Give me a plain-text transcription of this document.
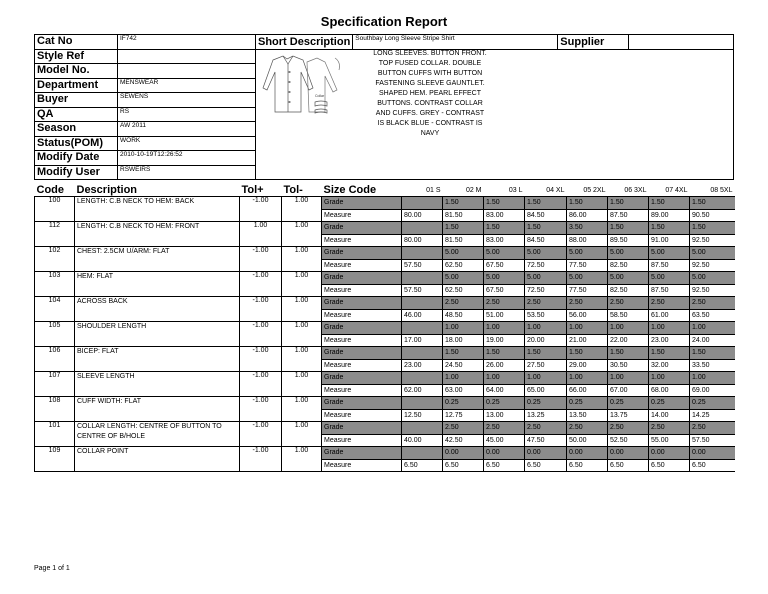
Specification Report
Cat No	IF742	Short Description	Southbay Long Sleeve Stripe Shirt	Supplier	
Style Ref					
Model No.					
Department	MENSWEAR				
Buyer	SEWENS				
QA	RS				
Season	AW 2011				
Status(POM)	WORK				
Modify Date	2010-10-19T12:26:52				
Modify User	RSWEIRS				
Collar
LONG SLEEVES. BUTTON FRONT. TOP FUSED COLLAR. DOUBLE BUTTON CUFFS WITH BUTTON FASTENING SLEEVE GAUNTLET. SHAPED HEM. PEARL EFFECT BUTTONS. CONTRAST COLLAR AND CUFFS. GREY - CONTRAST IS BLACK BLUE - CONTRAST IS NAVY
Code	Description	Tol+	Tol-	Size Code	01 S	02 M	03 L	04 XL	05 2XL	06 3XL	07 4XL	08 5XL
100	LENGTH: C.B NECK TO HEM: BACK	-1.00	1.00	Grade		1.50	1.50	1.50	1.50	1.50	1.50	1.50
				Measure	80.00	81.50	83.00	84.50	86.00	87.50	89.00	90.50
112	LENGTH: C.B NECK TO HEM: FRONT	1.00	1.00	Grade		1.50	1.50	1.50	3.50	1.50	1.50	1.50
				Measure	80.00	81.50	83.00	84.50	88.00	89.50	91.00	92.50
102	CHEST: 2.5CM U/ARM: FLAT	-1.00	1.00	Grade		5.00	5.00	5.00	5.00	5.00	5.00	5.00
				Measure	57.50	62.50	67.50	72.50	77.50	82.50	87.50	92.50
103	HEM: FLAT	-1.00	1.00	Grade		5.00	5.00	5.00	5.00	5.00	5.00	5.00
				Measure	57.50	62.50	67.50	72.50	77.50	82.50	87.50	92.50
104	ACROSS BACK	-1.00	1.00	Grade		2.50	2.50	2.50	2.50	2.50	2.50	2.50
				Measure	46.00	48.50	51.00	53.50	56.00	58.50	61.00	63.50
105	SHOULDER LENGTH	-1.00	1.00	Grade		1.00	1.00	1.00	1.00	1.00	1.00	1.00
				Measure	17.00	18.00	19.00	20.00	21.00	22.00	23.00	24.00
106	BICEP: FLAT	-1.00	1.00	Grade		1.50	1.50	1.50	1.50	1.50	1.50	1.50
				Measure	23.00	24.50	26.00	27.50	29.00	30.50	32.00	33.50
107	SLEEVE LENGTH	-1.00	1.00	Grade		1.00	1.00	1.00	1.00	1.00	1.00	1.00
				Measure	62.00	63.00	64.00	65.00	66.00	67.00	68.00	69.00
108	CUFF WIDTH: FLAT	-1.00	1.00	Grade		0.25	0.25	0.25	0.25	0.25	0.25	0.25
				Measure	12.50	12.75	13.00	13.25	13.50	13.75	14.00	14.25
101	COLLAR LENGTH: CENTRE OF BUTTON TO CENTRE OF B/HOLE	-1.00	1.00	Grade		2.50	2.50	2.50	2.50	2.50	2.50	2.50
				Measure	40.00	42.50	45.00	47.50	50.00	52.50	55.00	57.50
109	COLLAR POINT	-1.00	1.00	Grade		0.00	0.00	0.00	0.00	0.00	0.00	0.00
				Measure	6.50	6.50	6.50	6.50	6.50	6.50	6.50	6.50
Page 1 of 1
